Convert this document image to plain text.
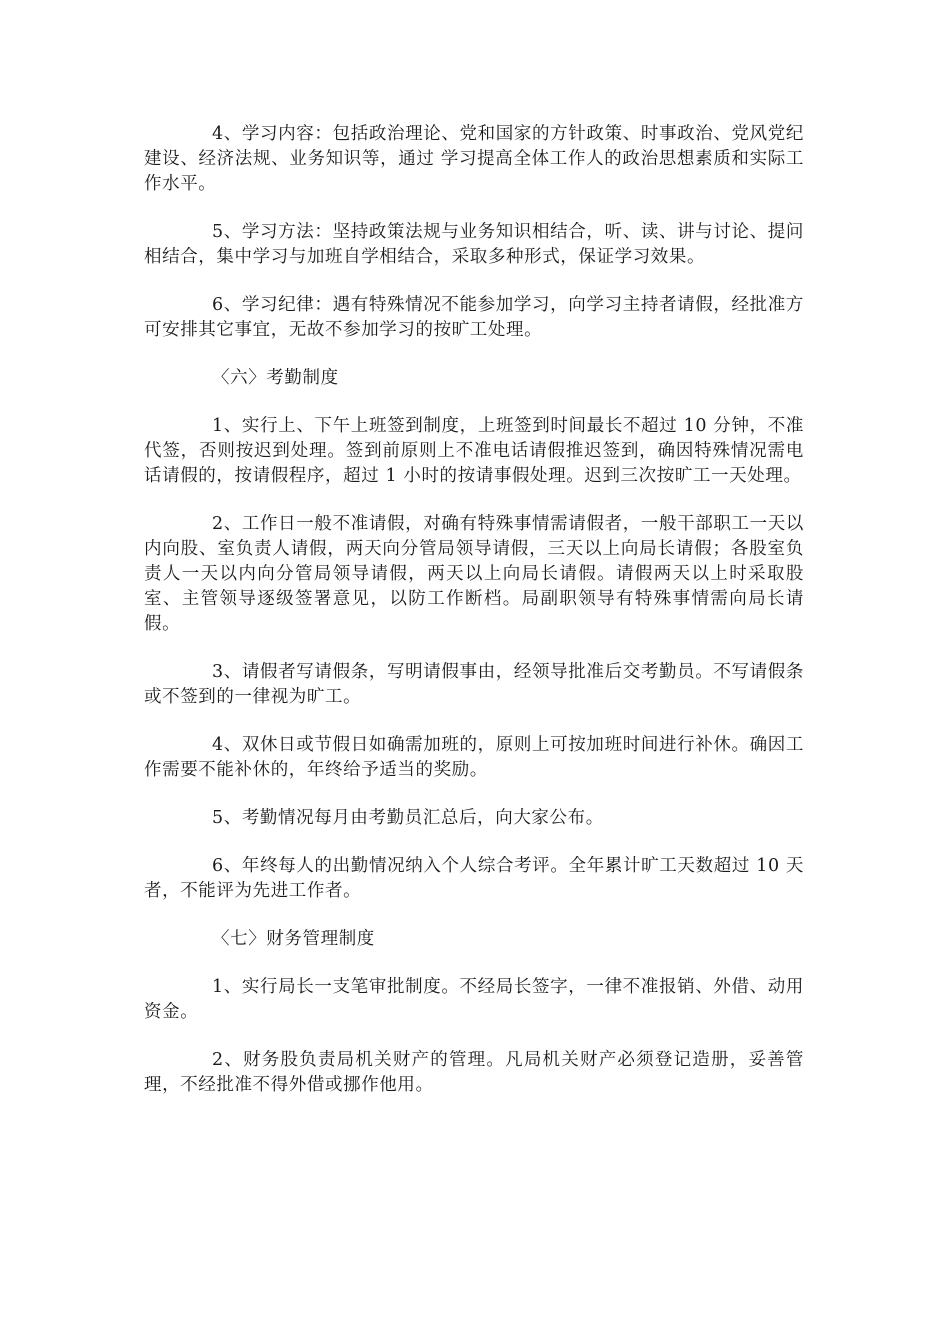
4、学习内容：包括政治理论、党和国家的方针政策、时事政治、党风党纪建设、经济法规、业务知识等，通过 学习提高全体工作人的政治思想素质和实际工作水平。

5、学习方法：坚持政策法规与业务知识相结合，听、读、讲与讨论、提问相结合，集中学习与加班自学相结合，采取多种形式，保证学习效果。

6、学习纪律：遇有特殊情况不能参加学习，向学习主持者请假，经批准方可安排其它事宜，无故不参加学习的按旷工处理。

〈六〉考勤制度

1、实行上、下午上班签到制度，上班签到时间最长不超过 10 分钟，不准代签，否则按迟到处理。签到前原则上不准电话请假推迟签到，确因特殊情况需电话请假的，按请假程序，超过 1 小时的按请事假处理。迟到三次按旷工一天处理。

2、工作日一般不准请假，对确有特殊事情需请假者，一般干部职工一天以内向股、室负责人请假，两天向分管局领导请假，三天以上向局长请假；各股室负责人一天以内向分管局领导请假，两天以上向局长请假。请假两天以上时采取股室、主管领导逐级签署意见，以防工作断档。局副职领导有特殊事情需向局长请假。

3、请假者写请假条，写明请假事由，经领导批准后交考勤员。不写请假条或不签到的一律视为旷工。

4、双休日或节假日如确需加班的，原则上可按加班时间进行补休。确因工作需要不能补休的，年终给予适当的奖励。

5、考勤情况每月由考勤员汇总后，向大家公布。

6、年终每人的出勤情况纳入个人综合考评。全年累计旷工天数超过 10 天者，不能评为先进工作者。

〈七〉财务管理制度

1、实行局长一支笔审批制度。不经局长签字，一律不准报销、外借、动用资金。

2、财务股负责局机关财产的管理。凡局机关财产必须登记造册，妥善管理，不经批准不得外借或挪作他用。
